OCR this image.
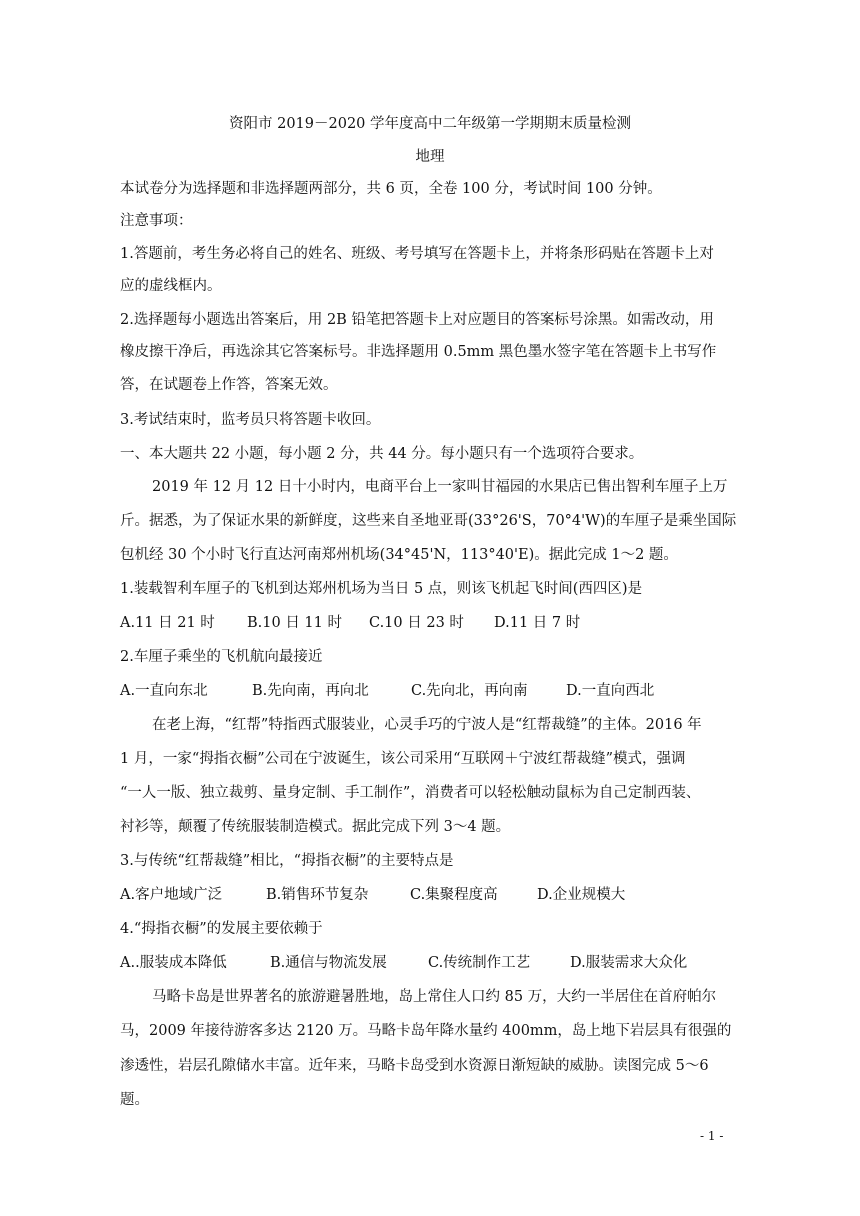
资阳市 2019－2020 学年度高中二年级第一学期期末质量检测
地理
本试卷分为选择题和非选择题两部分，共 6 页，全卷 100 分，考试时间 100 分钟。
注意事项：
1.答题前，考生务必将自己的姓名、班级、考号填写在答题卡上，并将条形码贴在答题卡上对
应的虚线框内。
2.选择题每小题选出答案后，用 2B 铅笔把答题卡上对应题目的答案标号涂黑。如需改动，用
橡皮擦干净后，再选涂其它答案标号。非选择题用 0.5mm 黑色墨水签字笔在答题卡上书写作
答，在试题卷上作答，答案无效。
3.考试结束时，监考员只将答题卡收回。
一、本大题共 22 小题，每小题 2 分，共 44 分。每小题只有一个选项符合要求。
2019 年 12 月 12 日十小时内，电商平台上一家叫甘福园的水果店已售出智利车厘子上万
斤。据悉，为了保证水果的新鲜度，这些来自圣地亚哥(33°26'S，70°4'W)的车厘子是乘坐国际
包机经 30 个小时飞行直达河南郑州机场(34°45'N，113°40'E)。据此完成 1～2 题。
1.装载智利车厘子的飞机到达郑州机场为当日 5 点，则该飞机起飞时间(西四区)是
A.11 日 21 时 B.10 日 11 时 C.10 日 23 时 D.11 日 7 时
2.车厘子乘坐的飞机航向最接近
A.一直向东北	B.先向南，再向北	C.先向北，再向南	D.一直向西北
在老上海，“红帮”特指西式服装业，心灵手巧的宁波人是“红帮裁缝”的主体。2016 年
1 月，一家“拇指衣橱”公司在宁波诞生，该公司采用“互联网＋宁波红帮裁缝”模式，强调
“一人一版、独立裁剪、量身定制、手工制作”，消费者可以轻松触动鼠标为自己定制西装、
衬衫等，颠覆了传统服装制造模式。据此完成下列 3～4 题。
3.与传统“红帮裁缝”相比，“拇指衣橱”的主要特点是
A.客户地域广泛	B.销售环节复杂	C.集聚程度高	D.企业规模大
4.“拇指衣橱”的发展主要依赖于
A..服装成本降低	B.通信与物流发展	C.传统制作工艺	D.服装需求大众化
马略卡岛是世界著名的旅游避暑胜地，岛上常住人口约 85 万，大约一半居住在首府帕尔
马，2009 年接待游客多达 2120 万。马略卡岛年降水量约 400mm，岛上地下岩层具有很强的
渗透性，岩层孔隙储水丰富。近年来，马略卡岛受到水资源日渐短缺的威胁。读图完成 5～6
题。
- 1 -
